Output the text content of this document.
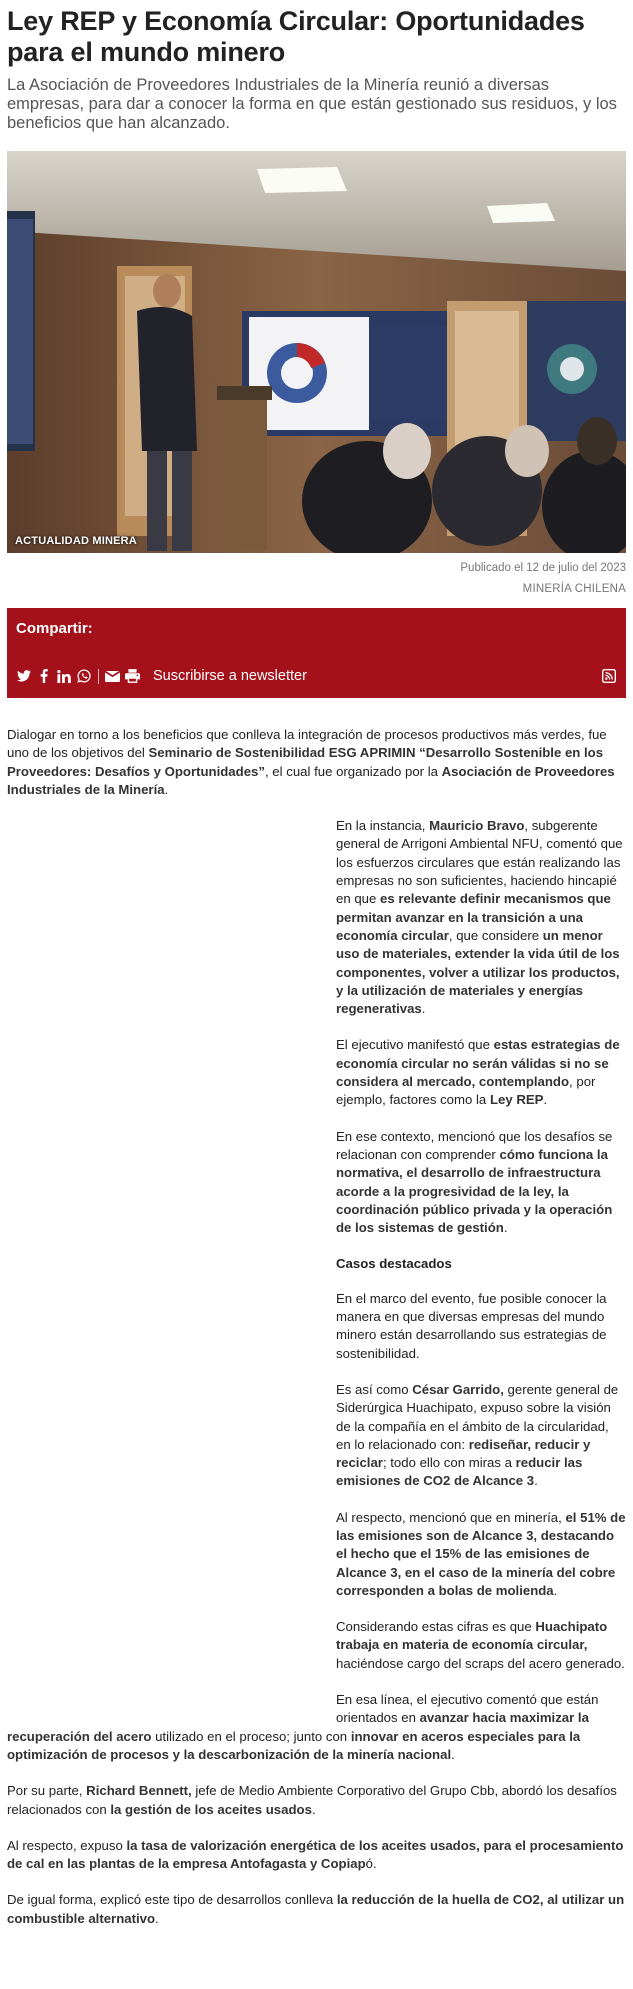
Ley REP y Economía Circular: Oportunidades para el mundo minero

La Asociación de Proveedores Industriales de la Minería reunió a diversas empresas, para dar a conocer la forma en que están gestionado sus residuos, y los beneficios que han alcanzado.

ACTUALIDAD MINERA
Publicado el 12 de julio del 2023
MINERÍA CHILENA
Compartir:
Suscribirse a newsletter

Dialogar en torno a los beneficios que conlleva la integración de procesos productivos más verdes, fue uno de los objetivos del Seminario de Sostenibilidad ESG APRIMIN “Desarrollo Sostenible en los Proveedores: Desafíos y Oportunidades”, el cual fue organizado por la Asociación de Proveedores Industriales de la Minería.

En la instancia, Mauricio Bravo, subgerente general de Arrigoni Ambiental NFU, comentó que los esfuerzos circulares que están realizando las empresas no son suficientes, haciendo hincapié en que es relevante definir mecanismos que permitan avanzar en la transición a una economía circular, que considere un menor uso de materiales, extender la vida útil de los componentes, volver a utilizar los productos, y la utilización de materiales y energías regenerativas.

El ejecutivo manifestó que estas estrategias de economía circular no serán válidas si no se considera al mercado, contemplando, por ejemplo, factores como la Ley REP.

En ese contexto, mencionó que los desafíos se relacionan con comprender cómo funciona la normativa, el desarrollo de infraestructura acorde a la progresividad de la ley, la coordinación público privada y la operación de los sistemas de gestión.

Casos destacados

En el marco del evento, fue posible conocer la manera en que diversas empresas del mundo minero están desarrollando sus estrategias de sostenibilidad.

Es así como César Garrido, gerente general de Siderúrgica Huachipato, expuso sobre la visión de la compañía en el ámbito de la circularidad, en lo relacionado con: rediseñar, reducir y reciclar; todo ello con miras a reducir las emisiones de CO2 de Alcance 3.

Al respecto, mencionó que en minería, el 51% de las emisiones son de Alcance 3, destacando el hecho que el 15% de las emisiones de Alcance 3, en el caso de la minería del cobre corresponden a bolas de molienda.

Considerando estas cifras es que Huachipato trabaja en materia de economía circular, haciéndose cargo del scraps del acero generado.

En esa línea, el ejecutivo comentó que están orientados en avanzar hacia maximizar la recuperación del acero utilizado en el proceso; junto con innovar en aceros especiales para la optimización de procesos y la descarbonización de la minería nacional.

Por su parte, Richard Bennett, jefe de Medio Ambiente Corporativo del Grupo Cbb, abordó los desafíos relacionados con la gestión de los aceites usados.

Al respecto, expuso la tasa de valorización energética de los aceites usados, para el procesamiento de cal en las plantas de la empresa Antofagasta y Copiapó.

De igual forma, explicó este tipo de desarrollos conlleva la reducción de la huella de CO2, al utilizar un combustible alternativo.
